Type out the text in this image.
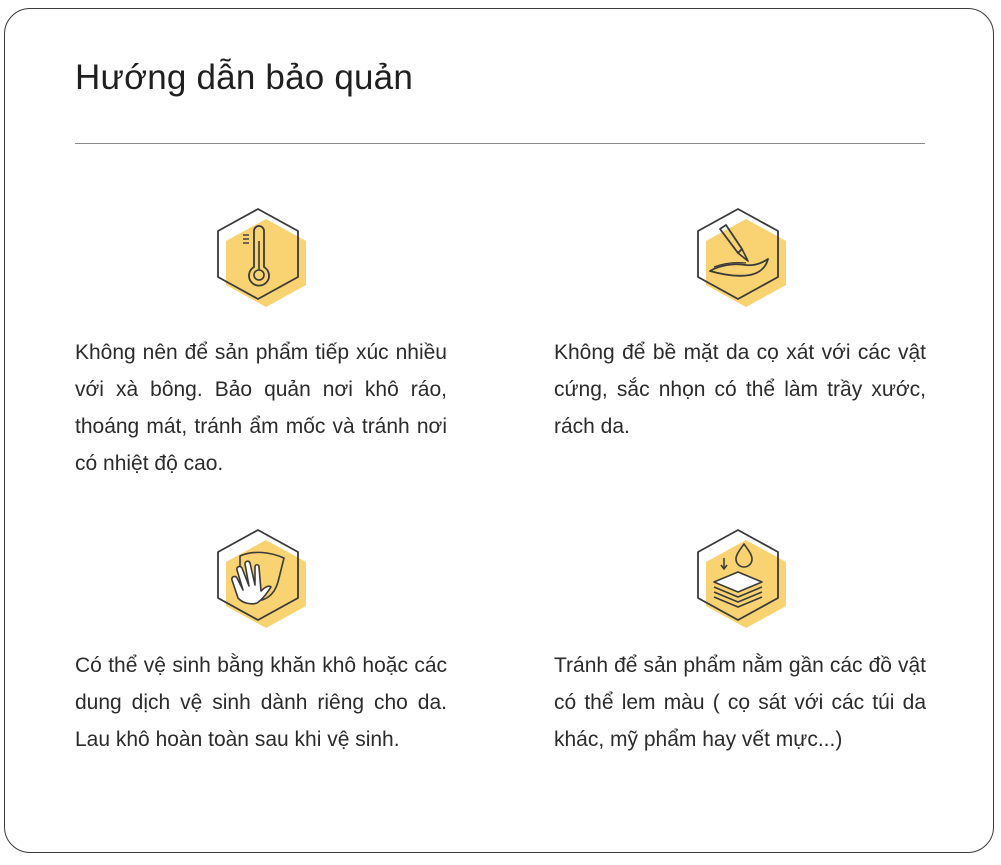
Hướng dẫn bảo quản
Không nên để sản phẩm tiếp xúc nhiều với xà bông. Bảo quản nơi khô ráo, thoáng mát, tránh ẩm mốc và tránh nơi có nhiệt độ cao.
Không để bề mặt da cọ xát với các vật cứng, sắc nhọn có thể làm trầy xước, rách da.
Có thể vệ sinh bằng khăn khô hoặc các dung dịch vệ sinh dành riêng cho da. Lau khô hoàn toàn sau khi vệ sinh.
Tránh để sản phẩm nằm gần các đồ vật có thể lem màu ( cọ sát với các túi da khác, mỹ phẩm hay vết mực...)
